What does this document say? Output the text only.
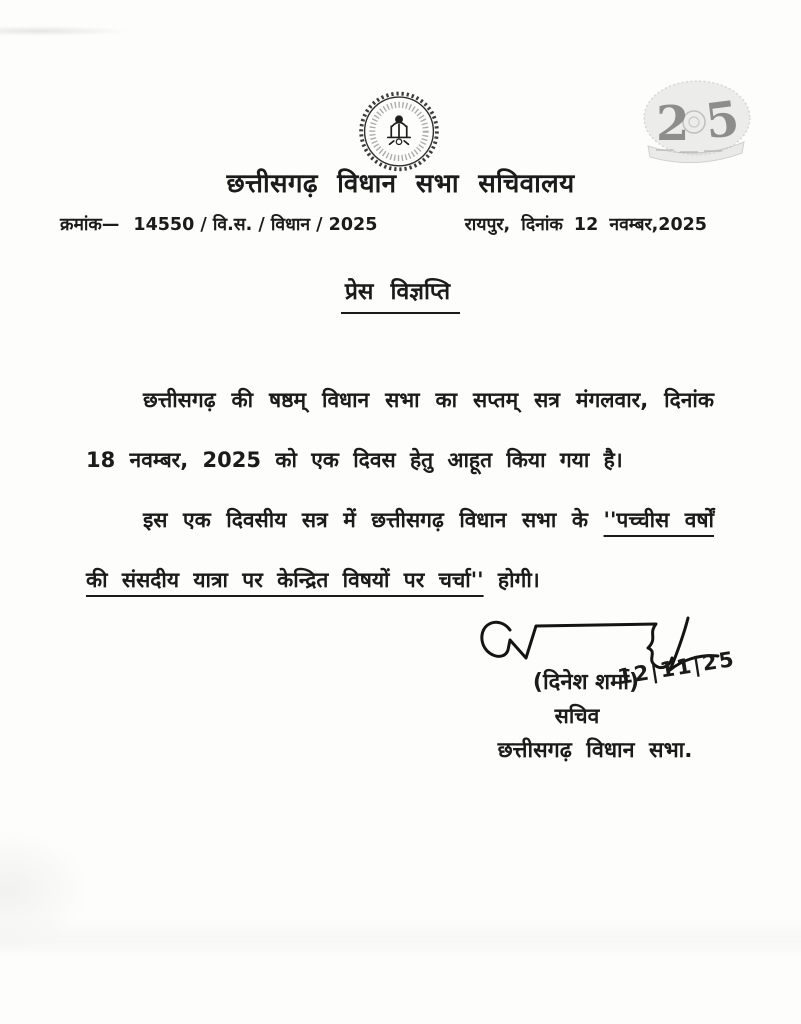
2 5
छत्तीसगढ़ विधान सभा सचिवालय
क्रमांक— 14550 / वि.स. / विधान / 2025	रायपुर, दिनांक 12 नवम्बर,2025
प्रेस विज्ञप्ति

छत्तीसगढ़ की षष्ठम् विधान सभा का सप्तम् सत्र मंगलवार, दिनांक 18 नवम्बर, 2025 को एक दिवस हेतु आहूत किया गया है।

इस एक दिवसीय सत्र में छत्तीसगढ़ विधान सभा के ''पच्चीस वर्षों की संसदीय यात्रा पर केन्द्रित विषयों पर चर्चा'' होगी।

12|11|25
(दिनेश शर्मा)
सचिव
छत्तीसगढ़ विधान सभा.
